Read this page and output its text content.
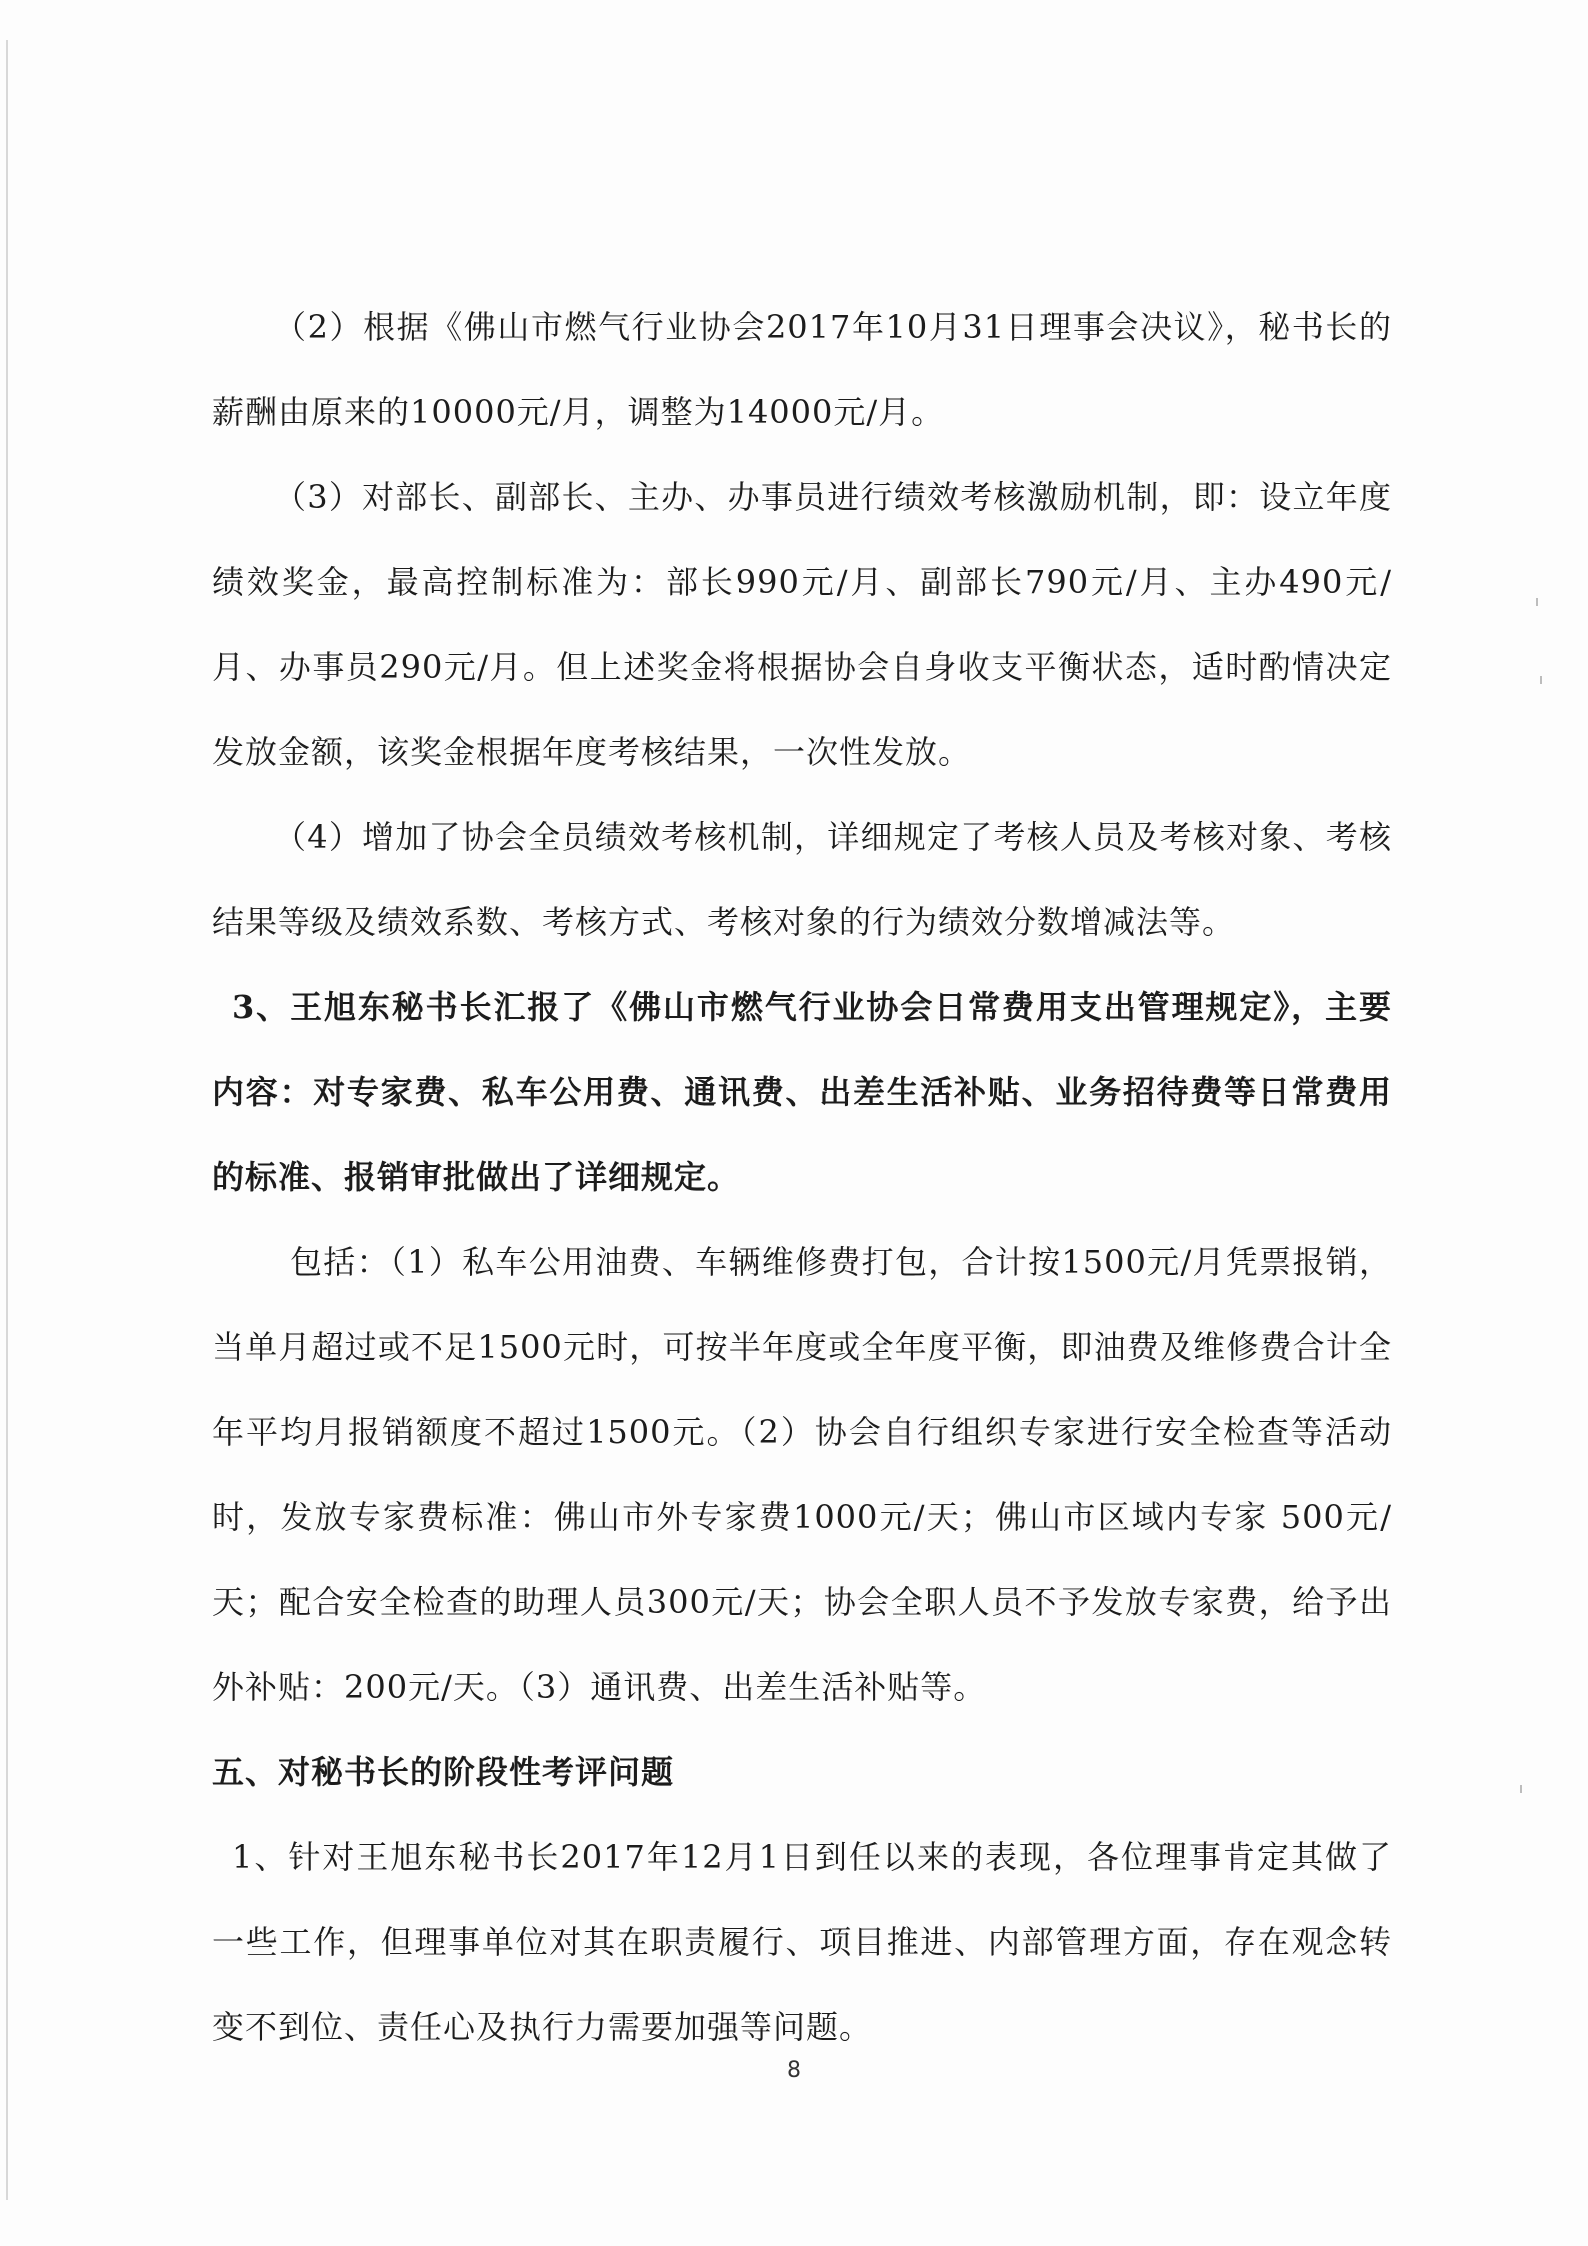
（2）根据《佛山市燃气行业协会2017年10月31日理事会决议》，秘书长的薪酬由原来的10000元/月，调整为14000元/月。

（3）对部长、副部长、主办、办事员进行绩效考核激励机制，即：设立年度绩效奖金，最高控制标准为：部长990元/月、副部长790元/月、主办490元/月、办事员290元/月。但上述奖金将根据协会自身收支平衡状态，适时酌情决定发放金额，该奖金根据年度考核结果，一次性发放。

（4）增加了协会全员绩效考核机制，详细规定了考核人员及考核对象、考核结果等级及绩效系数、考核方式、考核对象的行为绩效分数增减法等。

3、王旭东秘书长汇报了《佛山市燃气行业协会日常费用支出管理规定》，主要内容：对专家费、私车公用费、通讯费、出差生活补贴、业务招待费等日常费用的标准、报销审批做出了详细规定。

包括：（1）私车公用油费、车辆维修费打包，合计按1500元/月凭票报销，当单月超过或不足1500元时，可按半年度或全年度平衡，即油费及维修费合计全年平均月报销额度不超过1500元。（2）协会自行组织专家进行安全检查等活动时，发放专家费标准：佛山市外专家费1000元/天；佛山市区域内专家 500元/天；配合安全检查的助理人员300元/天；协会全职人员不予发放专家费，给予出外补贴：200元/天。（3）通讯费、出差生活补贴等。

五、对秘书长的阶段性考评问题

1、针对王旭东秘书长2017年12月1日到任以来的表现，各位理事肯定其做了一些工作，但理事单位对其在职责履行、项目推进、内部管理方面，存在观念转变不到位、责任心及执行力需要加强等问题。

8
